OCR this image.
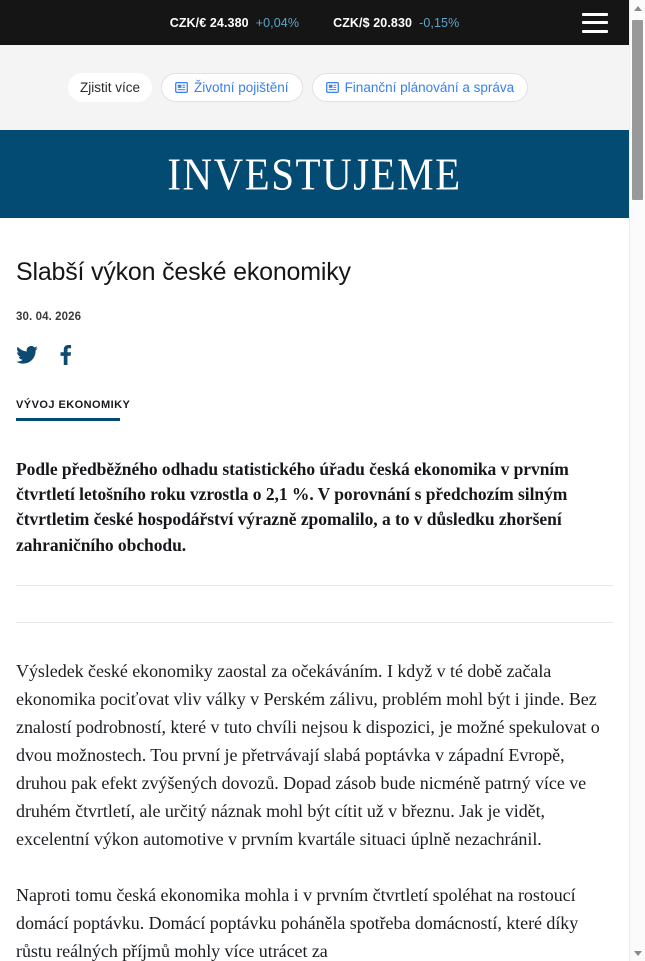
CZK/€ 24.380 +0,04%	CZK/$ 20.830 -0,15%
Zjistit více	Životní pojištění	Finanční plánování a správa
INVESTUJEME
Slabší výkon české ekonomiky
30. 04. 2026
VÝVOJ EKONOMIKY

Podle předběžného odhadu statistického úřadu česká ekonomika v prvním čtvrtletí letošního roku vzrostla o 2,1 %. V porovnání s předchozím silným čtvrtletim české hospodářství výrazně zpomalilo, a to v důsledku zhoršení zahraničního obchodu.

Výsledek české ekonomiky zaostal za očekáváním. I když v té době začala ekonomika pociťovat vliv války v Perském zálivu, problém mohl být i jinde. Bez znalostí podrobností, které v tuto chvíli nejsou k dispozici, je možné spekulovat o dvou možnostech. Tou první je přetrvávají slabá poptávka v západní Evropě, druhou pak efekt zvýšených dovozů. Dopad zásob bude nicméně patrný více ve druhém čtvrtletí, ale určitý náznak mohl být cítit už v březnu. Jak je vidět, excelentní výkon automotive v prvním kvartále situaci úplně nezachránil.

Naproti tomu česká ekonomika mohla i v prvním čtvrtletí spoléhat na rostoucí domácí poptávku. Domácí poptávku poháněla spotřeba domácností, které díky růstu reálných příjmů mohly více utrácet za
